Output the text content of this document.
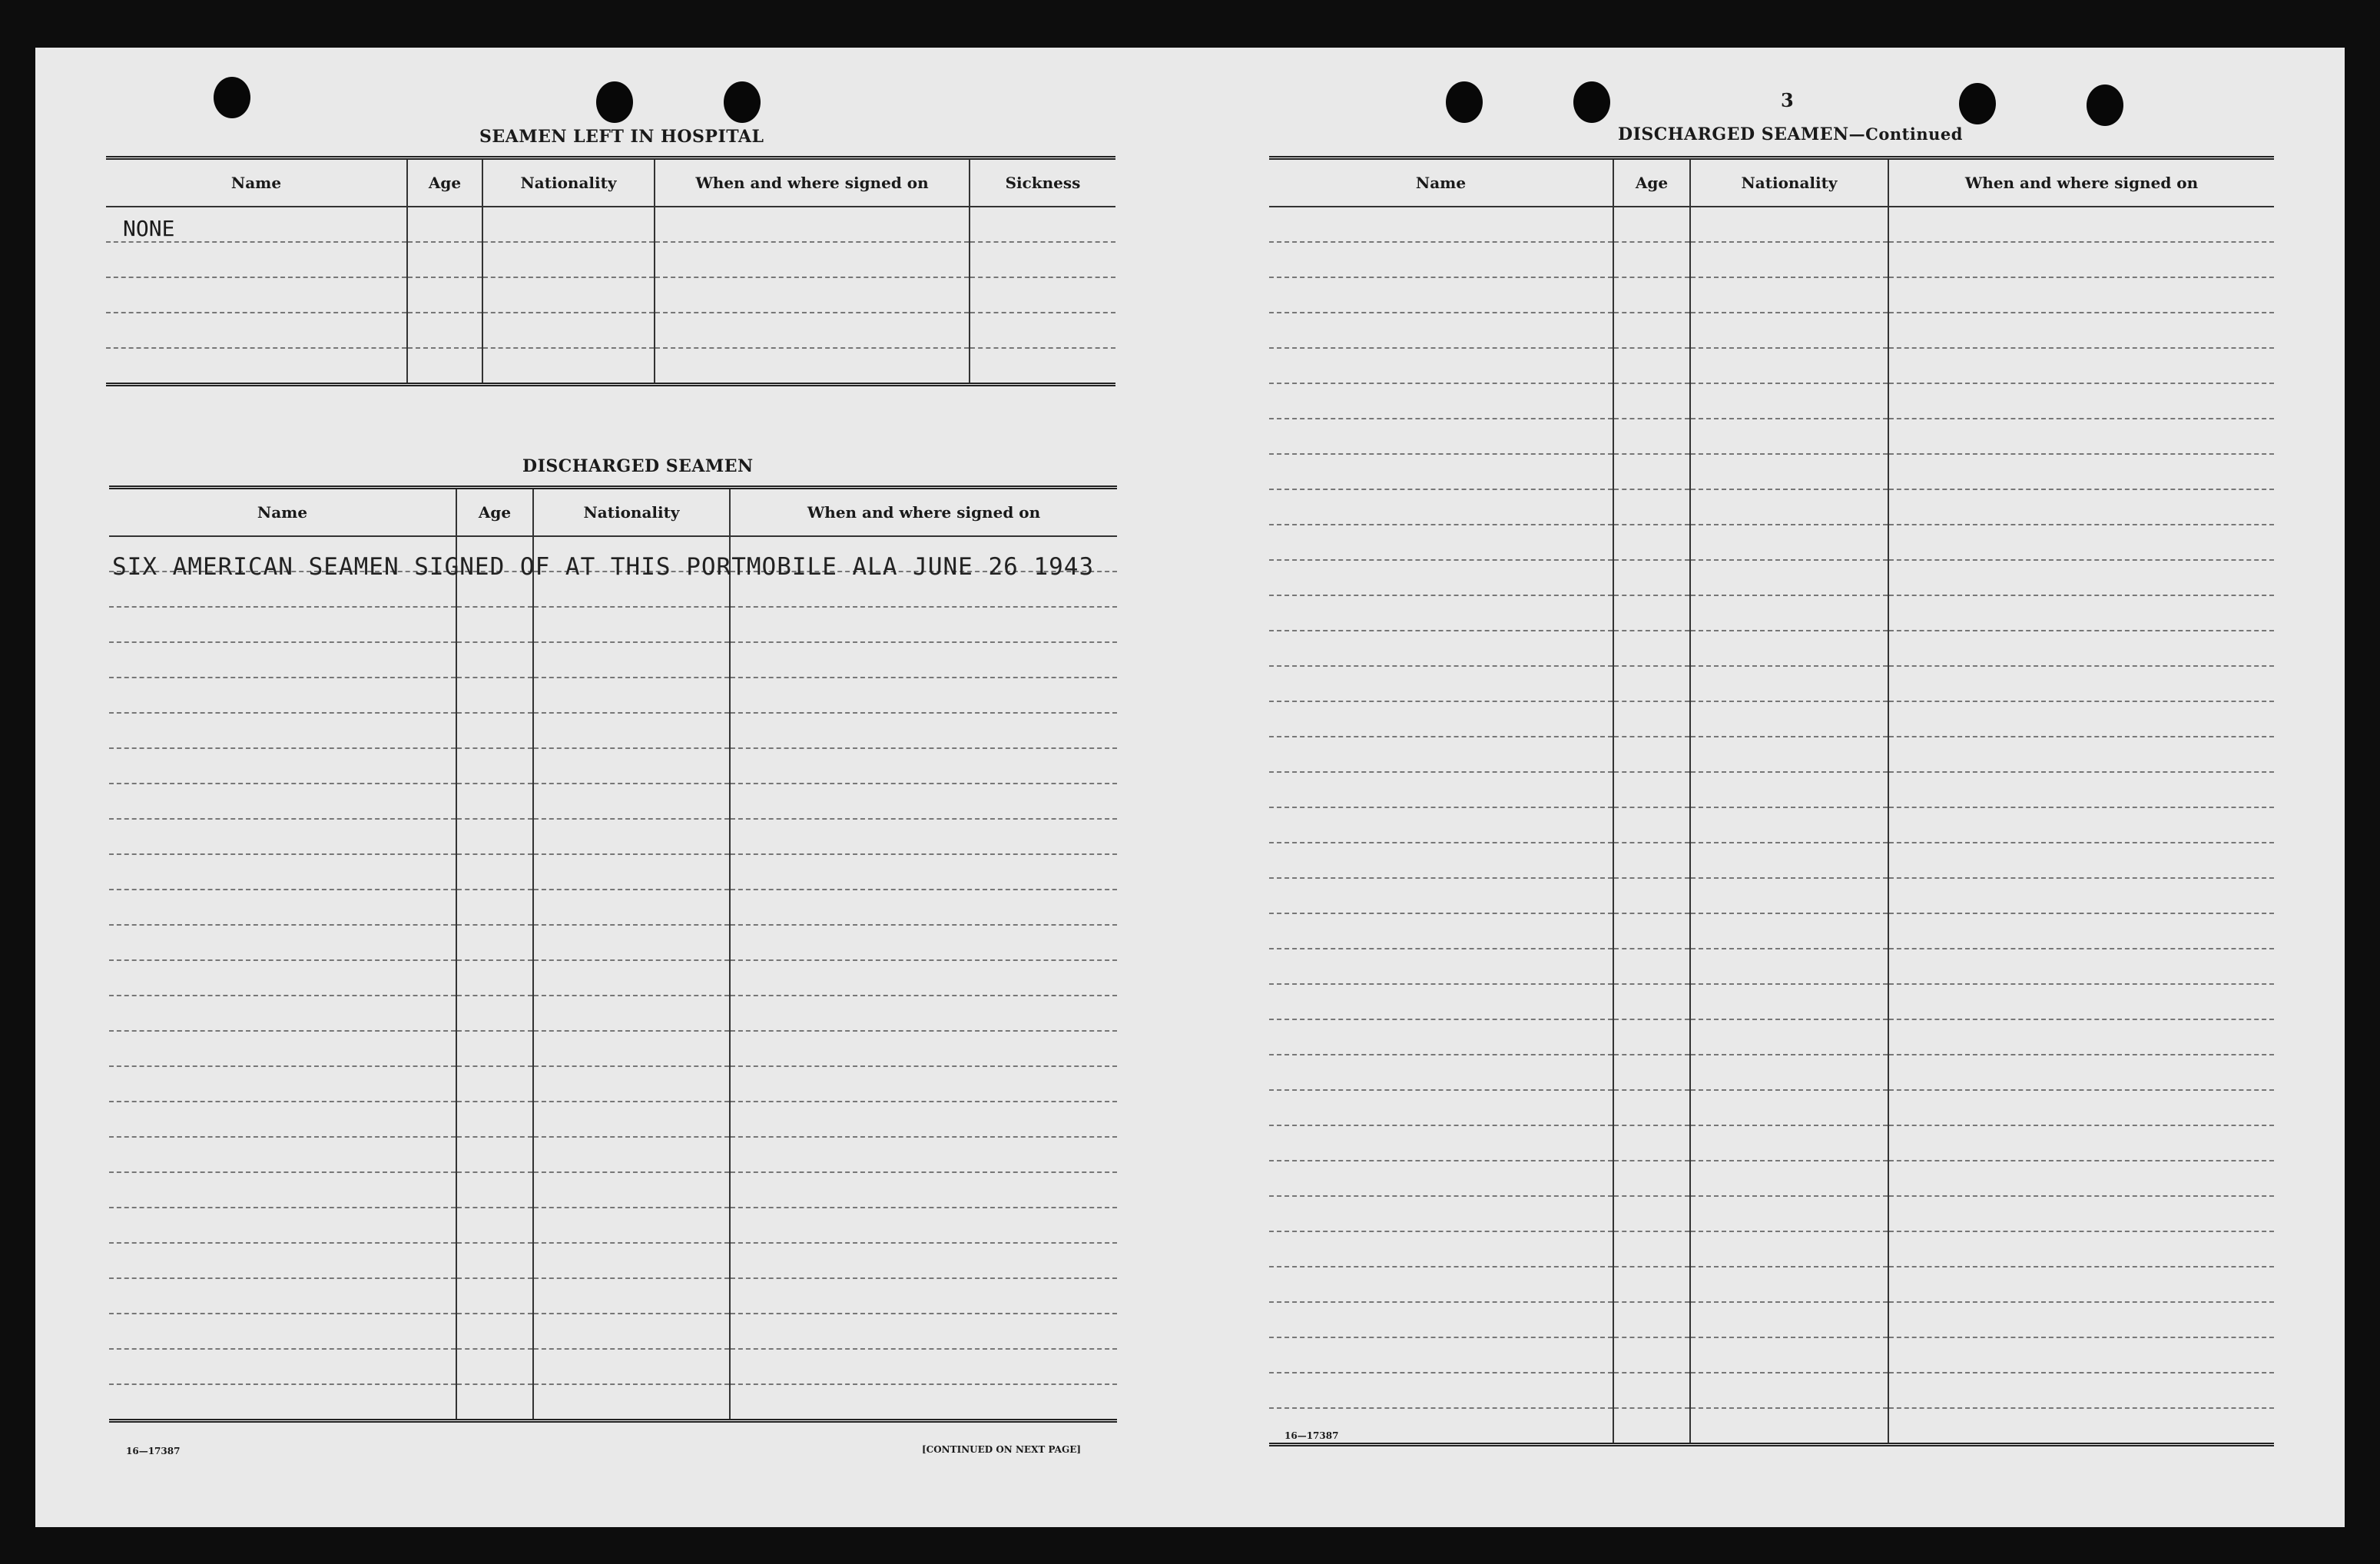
SEAMEN LEFT IN HOSPITAL
Name	Age	Nationality	When and where signed on	Sickness
NONE				

DISCHARGED SEAMEN
Name	Age	Nationality	When and where signed on

SIX AMERICAN SEAMEN SIGNED OF AT THIS PORTMOBILE ALA JUNE 26 1943
16—17387	[CONTINUED ON NEXT PAGE]
3
DISCHARGED SEAMEN—Continued
Name	Age	Nationality	When and where signed on

16—17387
